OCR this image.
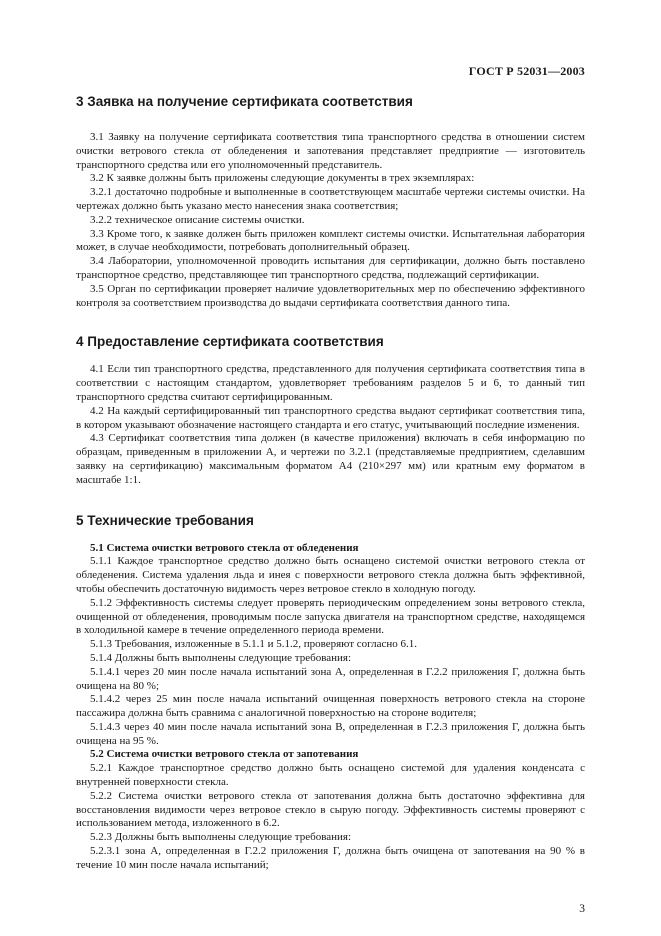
ГОСТ Р 52031—2003
3 Заявка на получение сертификата соответствия

3.1 Заявку на получение сертификата соответствия типа транспортного средства в отношении систем очистки ветрового стекла от обледенения и запотевания представляет предприятие — изготовитель транспортного средства или его уполномоченный представитель.

3.2 К заявке должны быть приложены следующие документы в трех экземплярах:

3.2.1 достаточно подробные и выполненные в соответствующем масштабе чертежи системы очистки. На чертежах должно быть указано место нанесения знака соответствия;

3.2.2 техническое описание системы очистки.

3.3 Кроме того, к заявке должен быть приложен комплект системы очистки. Испытательная лаборатория может, в случае необходимости, потребовать дополнительный образец.

3.4 Лаборатории, уполномоченной проводить испытания для сертификации, должно быть поставлено транспортное средство, представляющее тип транспортного средства, подлежащий сертификации.

3.5 Орган по сертификации проверяет наличие удовлетворительных мер по обеспечению эффективного контроля за соответствием производства до выдачи сертификата соответствия данного типа.

4 Предоставление сертификата соответствия

4.1 Если тип транспортного средства, представленного для получения сертификата соответствия типа в соответствии с настоящим стандартом, удовлетворяет требованиям разделов 5 и 6, то данный тип транспортного средства считают сертифицированным.

4.2 На каждый сертифицированный тип транспортного средства выдают сертификат соответствия типа, в котором указывают обозначение настоящего стандарта и его статус, учитывающий последние изменения.

4.3 Сертификат соответствия типа должен (в качестве приложения) включать в себя информацию по образцам, приведенным в приложении А, и чертежи по 3.2.1 (представляемые предприятием, сделавшим заявку на сертификацию) максимальным форматом А4 (210×297 мм) или кратным ему форматом в масштабе 1:1.

5 Технические требования
5.1 Система очистки ветрового стекла от обледенения

5.1.1 Каждое транспортное средство должно быть оснащено системой очистки ветрового стекла от обледенения. Система удаления льда и инея с поверхности ветрового стекла должна быть эффективной, чтобы обеспечить достаточную видимость через ветровое стекло в холодную погоду.

5.1.2 Эффективность системы следует проверять периодическим определением зоны ветрового стекла, очищенной от обледенения, проводимым после запуска двигателя на транспортном средстве, находящемся в холодильной камере в течение определенного периода времени.

5.1.3 Требования, изложенные в 5.1.1 и 5.1.2, проверяют согласно 6.1.

5.1.4 Должны быть выполнены следующие требования:

5.1.4.1 через 20 мин после начала испытаний зона А, определенная в Г.2.2 приложения Г, должна быть очищена на 80 %;

5.1.4.2 через 25 мин после начала испытаний очищенная поверхность ветрового стекла на стороне пассажира должна быть сравнима с аналогичной поверхностью на стороне водителя;

5.1.4.3 через 40 мин после начала испытаний зона B, определенная в Г.2.3 приложения Г, должна быть очищена на 95 %.

5.2 Система очистки ветрового стекла от запотевания

5.2.1 Каждое транспортное средство должно быть оснащено системой для удаления конденсата с внутренней поверхности стекла.

5.2.2 Система очистки ветрового стекла от запотевания должна быть достаточно эффективна для восстановления видимости через ветровое стекло в сырую погоду. Эффективность системы проверяют с использованием метода, изложенного в 6.2.

5.2.3 Должны быть выполнены следующие требования:

5.2.3.1 зона А, определенная в Г.2.2 приложения Г, должна быть очищена от запотевания на 90 % в течение 10 мин после начала испытаний;

3
